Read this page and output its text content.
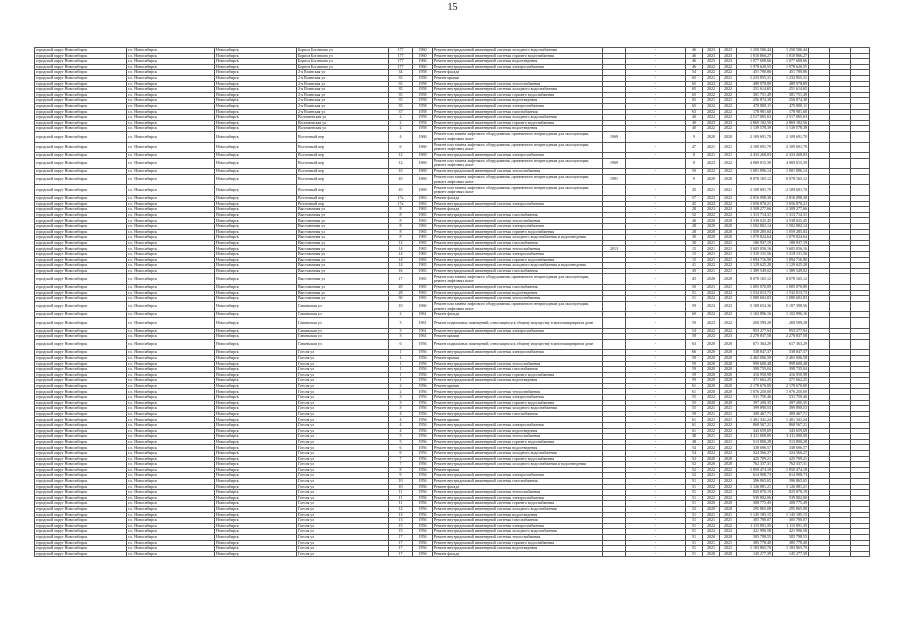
15
городской округ Новосибирск	г.о. Новосибирск	Новосибирск	Бориса Богаткова ул	177	1960	Ремонт внутридомовой инженерной системы холодного водоснабжения		-	46	2023	2023	1 250 506,44	1 250 506,44			
городской округ Новосибирск	г.о. Новосибирск	Новосибирск	Бориса Богаткова ул	177	1960	Ремонт внутридомовой инженерной системы горячего водоснабжения		-	46	2023	2023	1 010 866,27	1 010 866,27			
городской округ Новосибирск	г.о. Новосибирск	Новосибирск	Бориса Богаткова ул	177	1960	Ремонт внутридомовой инженерной системы водоотведения		-	46	2023	2023	1 077 608,66	1 077 608,66			
городской округ Новосибирск	г.о. Новосибирск	Новосибирск	Бориса Богаткова ул	177	1960	Ремонт внутридомовой инженерной системы электроснабжения		-	46	2022	2022	1 978 620,55	1 978 620,55			
городской округ Новосибирск	г.о. Новосибирск	Новосибирск	2-я Воинская ул	34	1958	Ремонт фасада		-	54	2022	2022	451 780,86	451 780,86			
городской округ Новосибирск	г.о. Новосибирск	Новосибирск	2-я Воинская ул	35	1958	Ремонт крыши		-	65	2021	2021	1 233 855,31	1 233 855,31			
городской округ Новосибирск	г.о. Новосибирск	Новосибирск	2-я Воинская ул	35	1958	Ремонт внутридомовой инженерной системы теплоснабжения		-	65	2022	2022	489 978,89	489 978,89			
городской округ Новосибирск	г.о. Новосибирск	Новосибирск	2-я Воинская ул	35	1958	Ремонт внутридомовой инженерной системы холодного водоснабжения		-	65	2022	2022	251 614,65	251 614,65			
городской округ Новосибирск	г.о. Новосибирск	Новосибирск	2-я Воинская ул	35	1958	Ремонт внутридомовой инженерной системы горячего водоснабжения		-	65	2022	2022	381 751,49	381 751,49			
городской округ Новосибирск	г.о. Новосибирск	Новосибирск	2-я Воинская ул	35	1958	Ремонт внутридомовой инженерной системы водоотведения		-	65	2021	2021	256 874,38	256 874,38			
городской округ Новосибирск	г.о. Новосибирск	Новосибирск	2-я Воинская ул	35	1958	Ремонт внутридомовой инженерной системы электроснабжения		-	65	2022	2022	479 800,11	479 800,11			
городской округ Новосибирск	г.о. Новосибирск	Новосибирск	2-я Воинская ул	37	1958	Ремонт внутридомовой инженерной системы газоснабжения		-	63	2022	2022	178 981,68	178 981,68			
городской округ Новосибирск	г.о. Новосибирск	Новосибирск	Волочаевская ул	2	1958	Ремонт внутридомовой инженерной системы холодного водоснабжения		-	40	2022	2022	2 517 005,63	2 517 005,63			
городской округ Новосибирск	г.о. Новосибирск	Новосибирск	Волочаевская ул	2	1958	Ремонт внутридомовой инженерной системы горячего водоснабжения		-	40	2023	2023	2 869 182,56	2 869 182,56			
городской округ Новосибирск	г.о. Новосибирск	Новосибирск	Волочаевская ул	2	1958	Ремонт внутридомовой инженерной системы водоотведения		-	40	2022	2022	1 139 578,39	1 139 578,39			
городской округ Новосибирск	г.о. Новосибирск	Новосибирск	Восточный пер	4	1960	Ремонт или замена лифтового оборудования, признанного непригодным для эксплуатации, ремонт лифтовых шахт	1969		9	2020	2020	2 109 691,70	2 109 691,70			
городской округ Новосибирск	г.о. Новосибирск	Новосибирск	Восточный пер	6	1960	Ремонт или замена лифтового оборудования, признанного непригодным для эксплуатации, ремонт лифтовых шахт		-	47	2021	2021	2 109 691,70	2 109 691,70			
городской округ Новосибирск	г.о. Новосибирск	Новосибирск	Восточный пер	12	1969	Ремонт внутридомовой инженерной системы электроснабжения		-	8	2021	2021	2 433 268,83	2 433 268,83			
городской округ Новосибирск	г.о. Новосибирск	Новосибирск	Восточный пер	12	1969	Ремонт или замена лифтового оборудования, признанного непригодным для эксплуатации, ремонт лифтовых шахт	1969		8	2022	2022	4 069 015,39	4 069 015,39			
городской округ Новосибирск	г.о. Новосибирск	Новосибирск	Восточный пер	16	1969	Ремонт внутридомовой инженерной системы теплоснабжения		-	50	2022	2022	1 001 896,14	1 001 896,14			
городской округ Новосибирск	г.о. Новосибирск	Новосибирск	Восточный пер	45	1969	Ремонт или замена лифтового оборудования, признанного непригодным для эксплуатации, ремонт лифтовых шахт	1991		9	2020	2020	8 078 165,12	8 078 165,12			
городской округ Новосибирск	г.о. Новосибирск	Новосибирск	Восточный пер	45	1969	Ремонт или замена лифтового оборудования, признанного непригодным для эксплуатации, ремонт лифтовых шахт		-	45	2021	2021	2 109 691,70	2 109 691,70			
городской округ Новосибирск	г.о. Новосибирск	Новосибирск	Восточный пер	17а	1963	Ремонт фасада		-	57	2023	2023	2 816 098,38	2 816 098,38			
городской округ Новосибирск	г.о. Новосибирск	Новосибирск	Восточный пер	17а	1963	Ремонт внутридомовой инженерной системы электроснабжения		-	45	2022	2022	1 656 870,21	1 656 870,21			
городской округ Новосибирск	г.о. Новосибирск	Новосибирск	Выставочная ул	8	1965	Ремонт фасада		-	28	2023	2023	2 308 277,66	2 308 277,66			
городской округ Новосибирск	г.о. Новосибирск	Новосибирск	Выставочная ул	8	1965	Ремонт внутридомовой инженерной системы газоснабжения		-	52	2022	2022	1 313 714,31	1 313 714,31			
городской округ Новосибирск	г.о. Новосибирск	Новосибирск	Выставочная ул	8	1965	Ремонт внутридомовой инженерной системы теплоснабжения		-	40	2020	2020	3 538 025,45	3 538 025,45			
городской округ Новосибирск	г.о. Новосибирск	Новосибирск	Выставочная ул	8	1965	Ремонт внутридомовой инженерной системы электроснабжения		-	28	2020	2020	1 502 802,14	1 502 802,14			
городской округ Новосибирск	г.о. Новосибирск	Новосибирск	Выставочная ул	8	1965	Ремонт внутридомовой инженерной системы горячего водоснабжения		-	28	2020	2020	1 059 285,04	1 059 285,04			
городской округ Новосибирск	г.о. Новосибирск	Новосибирск	Выставочная ул	8	1965	Ремонт внутридомовой инженерной системы холодного водоснабжения и водоотведения		-	30	2020	2020	1 070 824,64	1 070 824,64			
городской округ Новосибирск	г.о. Новосибирск	Новосибирск	Выставочная ул	12	1965	Ремонт внутридомовой инженерной системы газоснабжения		-	30	2021	2021	180 937,19	180 937,19			
городской округ Новосибирск	г.о. Новосибирск	Новосибирск	Выставочная ул	14	1965	Ремонт внутридомовой инженерной системы теплоснабжения	2013		15	2021	2021	3 605 056,16	3 605 056,16			
городской округ Новосибирск	г.о. Новосибирск	Новосибирск	Выставочная ул	14	1965	Ремонт внутридомовой инженерной системы электроснабжения		-	15	2021	2021	1 319 131,56	1 319 131,56			
городской округ Новосибирск	г.о. Новосибирск	Новосибирск	Выставочная ул	14	1965	Ремонт внутридомовой инженерной системы горячего водоснабжения		-	15	2021	2021	1 094 716,90	1 094 716,90			
городской округ Новосибирск	г.о. Новосибирск	Новосибирск	Выставочная ул	14	1965	Ремонт внутридомовой инженерной системы холодного водоснабжения и водоотведения		-	41	2022	2022	1 129 625,28	1 129 625,28			
городской округ Новосибирск	г.о. Новосибирск	Новосибирск	Выставочная ул	16	1965	Ремонт внутридомовой инженерной системы газоснабжения		-	30	2021	2021	1 389 549,02	1 389 549,02			
городской округ Новосибирск	г.о. Новосибирск	Новосибирск	Выставочная ул	17	1965	Ремонт или замена лифтового оборудования, признанного непригодным для эксплуатации, ремонт лифтовых шахт		-	45	2020	2020	8 078 165,12	8 078 165,12			
городской округ Новосибирск	г.о. Новосибирск	Новосибирск	Выставочная ул	20	1965	Ремонт внутридомовой инженерной системы газоснабжения		-	50	2021	2021	1 005 070,89	1 005 070,89			
городской округ Новосибирск	г.о. Новосибирск	Новосибирск	Выставочная ул	28	1965	Ремонт внутридомовой инженерной системы водоотведения		-	51	2022	2022	1 532 013,73	1 532 013,73			
городской округ Новосибирск	г.о. Новосибирск	Новосибирск	Выставочная ул	30	1965	Ремонт внутридомовой инженерной системы теплоснабжения		-	51	2022	2022	1 080 602,83	1 080 602,83			
городской округ Новосибирск	г.о. Новосибирск	Новосибирск	Гаваньская ул	10	1960	Ремонт или замена лифтового оборудования, признанного непригодным для эксплуатации, ремонт лифтовых шахт		-	59	2023	2023	5 108 654,36	5 107 398,56			
городской округ Новосибирск	г.о. Новосибирск	Новосибирск	Гаваньская ул	2	1961	Ремонт фасада		-	60	2022	2022	1 102 896,16	1 102 896,16			
городской округ Новосибирск	г.о. Новосибирск	Новосибирск	Гаваньская ул	3	1961	Ремонт подвальных помещений, относящихся к общему имуществу в многоквартирном доме		-	59	2022	2022	269 599,28	269 599,28			
городской округ Новосибирск	г.о. Новосибирск	Новосибирск	Гаваньская ул	3	1961	Ремонт внутридомовой инженерной системы электроснабжения		-	54	2022	2022	953 277,94	953 277,94			
городской округ Новосибирск	г.о. Новосибирск	Новосибирск	Гаваньская ул	3	1961	Ремонт крыши		-	58	2023	2023	2 278 837,58	2 278 837,58			
городской округ Новосибирск	г.о. Новосибирск	Новосибирск	Гаваньская ул	6	1956	Ремонт подвальных помещений, относящихся к общему имуществу в многоквартирном доме		-	63	2020	2020	671 364,29	617 363,29			
городской округ Новосибирск	г.о. Новосибирск	Новосибирск	Гоголя ул	1	1956	Ремонт внутридомовой инженерной системы электроснабжения		-	66	2020	2020	538 847,37	538 847,37			
городской округ Новосибирск	г.о. Новосибирск	Новосибирск	Гоголя ул	1	1956	Ремонт крыши		-	59	2020	2020	2 465 006,58	2 465 006,58			
городской округ Новосибирск	г.о. Новосибирск	Новосибирск	Гоголя ул	1	1956	Ремонт внутридомовой инженерной системы теплоснабжения		-	59	2020	2020	999 600,48	999 600,48			
городской округ Новосибирск	г.о. Новосибирск	Новосибирск	Гоголя ул	1	1956	Ремонт внутридомовой инженерной системы газоснабжения		-	59	2020	2020	398 735,04	398 735,04			
городской округ Новосибирск	г.о. Новосибирск	Новосибирск	Гоголя ул	1	1956	Ремонт внутридомовой инженерной системы горячего водоснабжения		-	59	2020	2020	416 950,98	416 950,98			
городской округ Новосибирск	г.о. Новосибирск	Новосибирск	Гоголя ул	1	1956	Ремонт внутридомовой инженерной системы водоотведения		-	59	2020	2020	371 662,25	371 662,25			
городской округ Новосибирск	г.о. Новосибирск	Новосибирск	Гоголя ул	2	1956	Ремонт крыши		-	61	2020	2020	2 178 676,00	2 178 676,00			
городской округ Новосибирск	г.о. Новосибирск	Новосибирск	Гоголя ул	2	1956	Ремонт внутридомовой инженерной системы теплоснабжения		-	61	2020	2020	1 076 250,00	1 076 250,00			
городской округ Новосибирск	г.о. Новосибирск	Новосибирск	Гоголя ул	3	1956	Ремонт внутридомовой инженерной системы электроснабжения		-	55	2022	2022	531 750,46	531 750,46			
городской округ Новосибирск	г.о. Новосибирск	Новосибирск	Гоголя ул	3	1956	Ремонт внутридомовой инженерной системы горячего водоснабжения		-	55	2020	2020	397 200,35	397 200,35			
городской округ Новосибирск	г.о. Новосибирск	Новосибирск	Гоголя ул	3	1956	Ремонт внутридомовой инженерной системы холодного водоснабжения		-	55	2021	2021	399 890,53	399 890,53			
городской округ Новосибирск	г.о. Новосибирск	Новосибирск	Гоголя ул	4	1956	Ремонт внутридомовой инженерной системы газоснабжения		-	59	2021	2021	300 467,71	300 467,71			
городской округ Новосибирск	г.о. Новосибирск	Новосибирск	Гоголя ул	4	1956	Ремонт крыши		-	61	2021	2021	1 401 341,24	1 401 341,24			
городской округ Новосибирск	г.о. Новосибирск	Новосибирск	Гоголя ул	4	1956	Ремонт внутридомовой инженерной системы электроснабжения		-	61	2022	2022	868 567,21	868 567,21			
городской округ Новосибирск	г.о. Новосибирск	Новосибирск	Гоголя ул	4	1956	Ремонт внутридомовой инженерной системы водоотведения		-	61	2022	2022	343 659,69	343 659,69			
городской округ Новосибирск	г.о. Новосибирск	Новосибирск	Гоголя ул	5	1956	Ремонт внутридомовой инженерной системы теплоснабжения		-	48	2021	2021	3 411 000,00	3 411 000,00			
городской округ Новосибирск	г.о. Новосибирск	Новосибирск	Гоголя ул	5	1956	Ремонт внутридомовой инженерной системы горячего водоснабжения		-	48	2021	2021	513 800,28	513 800,28			
городской округ Новосибирск	г.о. Новосибирск	Новосибирск	Гоголя ул	6	1956	Ремонт внутридомовой инженерной системы водоотведения		-	54	2022	2022	338 696,57	338 696,57			
городской округ Новосибирск	г.о. Новосибирск	Новосибирск	Гоголя ул	6	1956	Ремонт внутридомовой инженерной системы холодного водоснабжения		-	54	2022	2022	324 566,27	324 566,27			
городской округ Новосибирск	г.о. Новосибирск	Новосибирск	Гоголя ул	7	1956	Ремонт внутридомовой инженерной системы горячего водоснабжения		-	52	2020	2020	425 709,21	425 709,21			
городской округ Новосибирск	г.о. Новосибирск	Новосибирск	Гоголя ул	7	1956	Ремонт внутридомовой инженерной системы холодного водоснабжения и водоотведения		-	52	2020	2020	762 337,31	762 337,31			
городской округ Новосибирск	г.о. Новосибирск	Новосибирск	Гоголя ул	8	1956	Ремонт крыши		-	52	2022	2022	1 850 474,18	1 850 474,18			
городской округ Новосибирск	г.о. Новосибирск	Новосибирск	Гоголя ул	9	1956	Ремонт внутридомовой инженерной системы электроснабжения		-	52	2021	2021	614 908,73	614 908,73			
городской округ Новосибирск	г.о. Новосибирск	Новосибирск	Гоголя ул	10	1956	Ремонт внутридомовой инженерной системы газоснабжения		-	51	2022	2022	396 865,65	396 865,65			
городской округ Новосибирск	г.о. Новосибирск	Новосибирск	Гоголя ул	10	1956	Ремонт фасада		-	51	2022	2022	1 126 881,21	1 126 881,21			
городской округ Новосибирск	г.о. Новосибирск	Новосибирск	Гоголя ул	11	1956	Ремонт внутридомовой инженерной системы теплоснабжения		-	51	2022	2022	825 870,19	825 870,19			
городской округ Новосибирск	г.о. Новосибирск	Новосибирск	Гоголя ул	11	1956	Ремонт внутридомовой инженерной системы электроснабжения		-	51	2022	2022	539 802,06	539 802,06			
городской округ Новосибирск	г.о. Новосибирск	Новосибирск	Гоголя ул	11	1956	Ремонт внутридомовой инженерной системы горячего водоснабжения		-	51	2020	2020	308 775,49	308 775,49			
городской округ Новосибирск	г.о. Новосибирск	Новосибирск	Гоголя ул	12	1956	Ремонт внутридомовой инженерной системы холодного водоснабжения		-	52	2020	2020	295 865,08	295 865,08			
городской округ Новосибирск	г.о. Новосибирск	Новосибирск	Гоголя ул	13	1956	Ремонт внутридомовой инженерной системы водоотведения		-	51	2021	2021	1 145 185,15	1 145 185,15			
городской округ Новосибирск	г.о. Новосибирск	Новосибирск	Гоголя ул	13	1956	Ремонт внутридомовой инженерной системы газоснабжения		-	51	2021	2021	305 780,07	305 780,07			
городской округ Новосибирск	г.о. Новосибирск	Новосибирск	Гоголя ул	15	1956	Ремонт внутридомовой инженерной системы электроснабжения		-	51	2022	2022	1 115 891,35	1 115 891,35			
городской округ Новосибирск	г.о. Новосибирск	Новосибирск	Гоголя ул	15	1956	Ремонт внутридомовой инженерной системы холодного водоснабжения		-	51	2022	2022	421 996,58	421 996,58			
городской округ Новосибирск	г.о. Новосибирск	Новосибирск	Гоголя ул	17	1956	Ремонт внутридомовой инженерной системы теплоснабжения		-	51	2020	2020	505 798,55	505 798,55			
городской округ Новосибирск	г.о. Новосибирск	Новосибирск	Гоголя ул	17	1956	Ремонт внутридомовой инженерной системы горячего водоснабжения		-	51	2021	2021	385 778,40	385 778,40			
городской округ Новосибирск	г.о. Новосибирск	Новосибирск	Гоголя ул	17	1956	Ремонт внутридомовой инженерной системы водоотведения		-	51	2021	2021	1 183 865,70	1 183 865,70			
городской округ Новосибирск	г.о. Новосибирск	Новосибирск	Гоголя ул	17	1956	Ремонт фасада		-	51	2020	2020	145 277,39	145 277,39			
